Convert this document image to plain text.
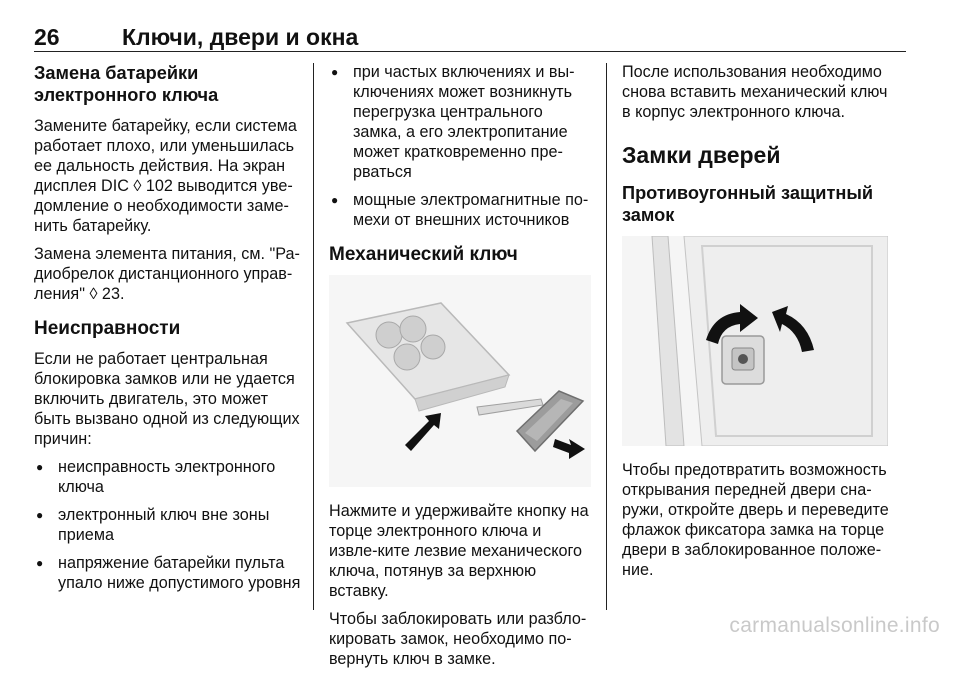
26	Ключи, двери и окна
Замена батарейки электронного ключа

Замените батарейку, если система работает плохо, или уменьшилась ее дальность действия. На экран дисплея DIC ◊ 102 выводится уве-домление о необходимости заме-нить батарейку.

Замена элемента питания, см. "Ра-диобрелок дистанционного управ-ления" ◊ 23.

Неисправности

Если не работает центральная блокировка замков или не удается включить двигатель, это может быть вызвано одной из следующих причин:

● неисправность электронного ключа
● электронный ключ вне зоны приема
● напряжение батарейки пульта упало ниже допустимого уровня
● при частых включениях и вы-ключениях может возникнуть перегрузка центрального замка, а его электропитание может кратковременно пре-рваться
● мощные электромагнитные по-мехи от внешних источников
Механический ключ

Нажмите и удерживайте кнопку на торце электронного ключа и извле-ките лезвие механического ключа, потянув за верхнюю вставку.

Чтобы заблокировать или разбло-кировать замок, необходимо по-вернуть ключ в замке.

После использования необходимо снова вставить механический ключ в корпус электронного ключа.

Замки дверей
Противоугонный защитный замок

Чтобы предотвратить возможность открывания передней двери сна-ружи, откройте дверь и переведите флажок фиксатора замка на торце двери в заблокированное положе-ние.

carmanualsonline.info
